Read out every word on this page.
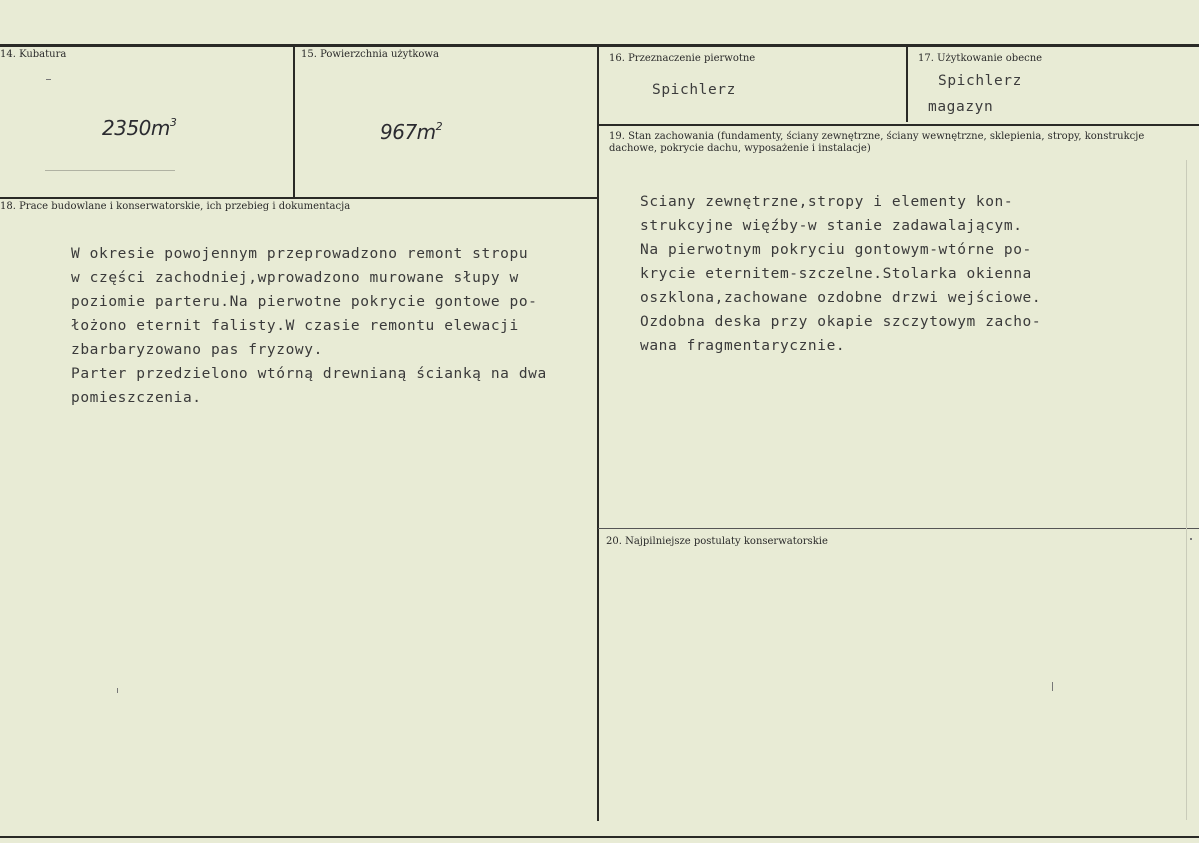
14. Kubatura
$2350m^3$
15. Powierzchnia użytkowa
$967m^2$
16. Przeznaczenie pierwotne
Spichlerz
17. Użytkowanie obecne
Spichlerz
magazyn
18. Prace budowlane i konserwatorskie, ich przebieg i dokumentacja
W okresie powojennym przeprowadzono remont stropu
w części zachodniej,wprowadzono murowane słupy w
poziomie parteru.Na pierwotne pokrycie gontowe po-
łożono eternit falisty.W czasie remontu elewacji
zbarbaryzowano pas fryzowy.
Parter przedzielono wtórną drewnianą ścianką na dwa
pomieszczenia.
19. Stan zachowania (fundamenty, ściany zewnętrzne, ściany wewnętrzne, sklepienia, stropy, konstrukcje dachowe, pokrycie dachu, wyposażenie i instalacje)
Sciany zewnętrzne,stropy i elementy kon-
strukcyjne więźby-w stanie zadawalającym.
Na pierwotnym pokryciu gontowym-wtórne po-
krycie eternitem-szczelne.Stolarka okienna
oszklona,zachowane ozdobne drzwi wejściowe.
Ozdobna deska przy okapie szczytowym zacho-
wana fragmentarycznie.
20. Najpilniejsze postulaty konserwatorskie
